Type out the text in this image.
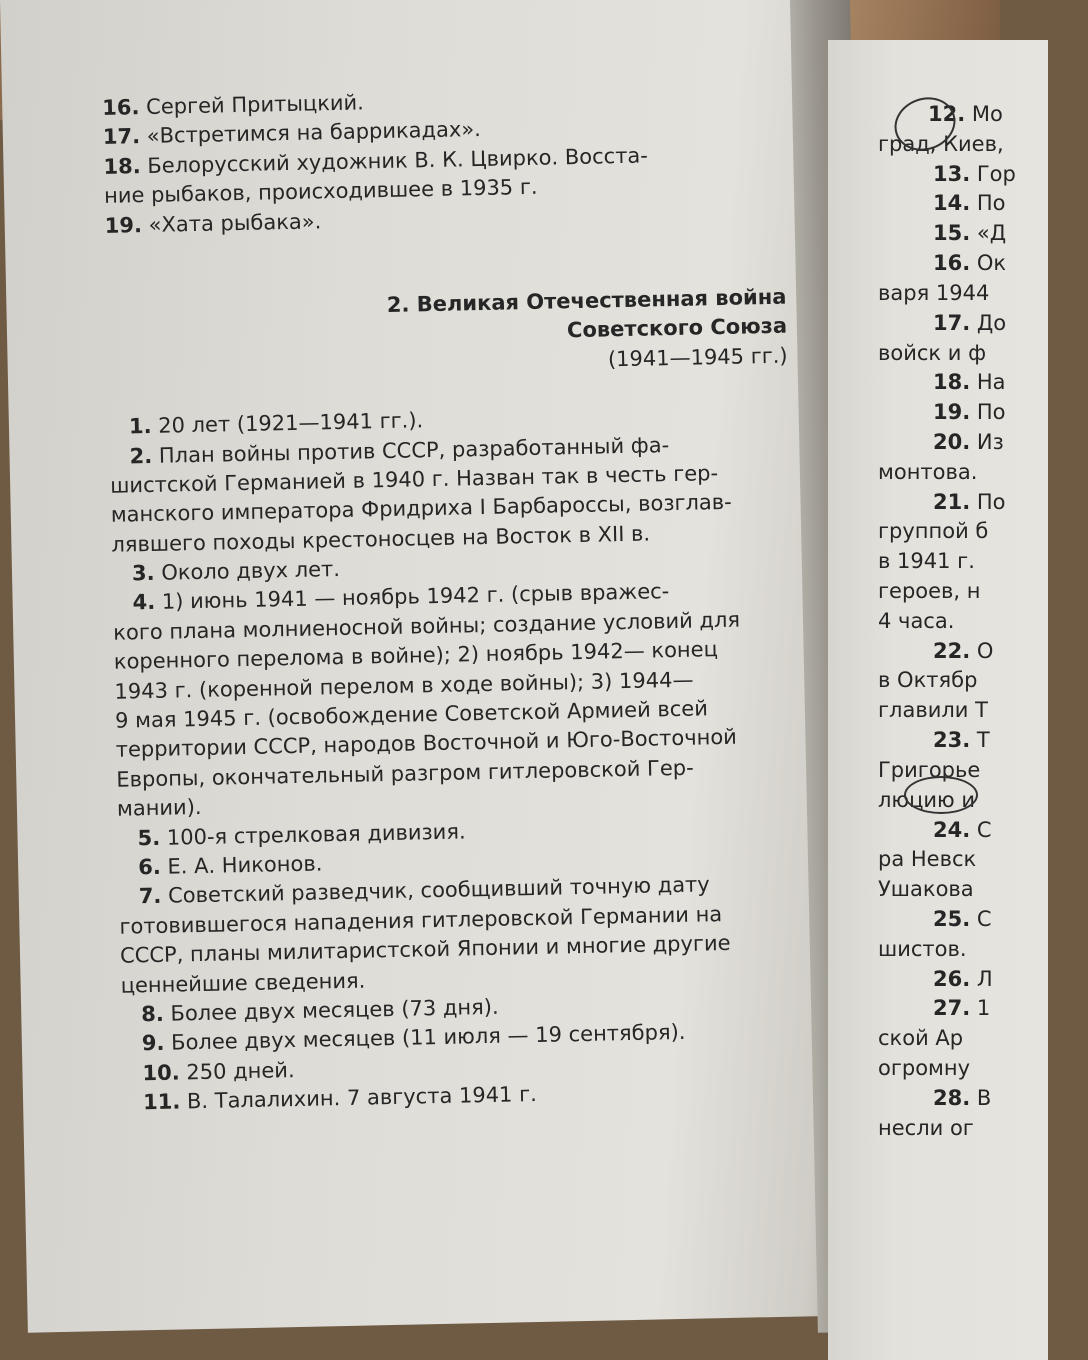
16. Сергей Притыцкий.
17. «Встретимся на баррикадах».
18. Белорусский художник В. К. Цвирко. Восста-
ние рыбаков, происходившее в 1935 г.
19. «Хата рыбака».
2. Великая Отечественная война
Советского Союза
(1941—1945 гг.)
1. 20 лет (1921—1941 гг.).
2. План войны против СССР, разработанный фа-
шистской Германией в 1940 г. Назван так в честь гер-
манского императора Фридриха I Барбароссы, возглав-
лявшего походы крестоносцев на Восток в XII в.
3. Около двух лет.
4. 1) июнь 1941 — ноябрь 1942 г. (срыв вражес-
кого плана молниеносной войны; создание условий для
коренного перелома в войне); 2) ноябрь 1942— конец
1943 г. (коренной перелом в ходе войны); 3) 1944—
9 мая 1945 г. (освобождение Советской Армией всей
территории СССР, народов Восточной и Юго-Восточной
Европы, окончательный разгром гитлеровской Гер-
мании).
5. 100-я стрелковая дивизия.
6. Е. А. Никонов.
7. Советский разведчик, сообщивший точную дату
готовившегося нападения гитлеровской Германии на
СССР, планы милитаристской Японии и многие другие
ценнейшие сведения.
8. Более двух месяцев (73 дня).
9. Более двух месяцев (11 июля — 19 сентября).
10. 250 дней.
11. В. Талалихин. 7 августа 1941 г.
12. Мо
град, Киев,
13. Гор
14. По
15. «Д
16. Ок
варя 1944
17. До
войск и ф
18. На
19. По
20. Из
монтова.
21. По
группой б
в 1941 г.
героев, н
4 часа.
22. О
в Октябр
главили Т
23. Т
Григорье
люцию и
24. С
ра Невск
Ушакова
25. С
шистов.
26. Л
27. 1
ской Ар
огромну
28. В
несли ог
